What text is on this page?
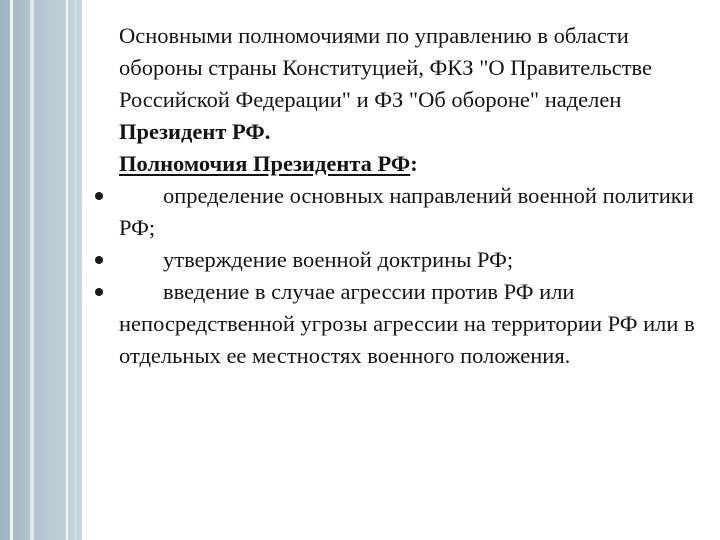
Основными полномочиями по управлению в области обороны страны Конституцией, ФКЗ "О Правительстве Российской Федерации" и ФЗ "Об обороне" наделен Президент РФ.

Полномочия Президента РФ:

определение основных направлений военной политики РФ;

утверждение военной доктрины РФ;

введение в случае агрессии против РФ или непосредственной угрозы агрессии на территории РФ или в отдельных ее местностях военного положения.
